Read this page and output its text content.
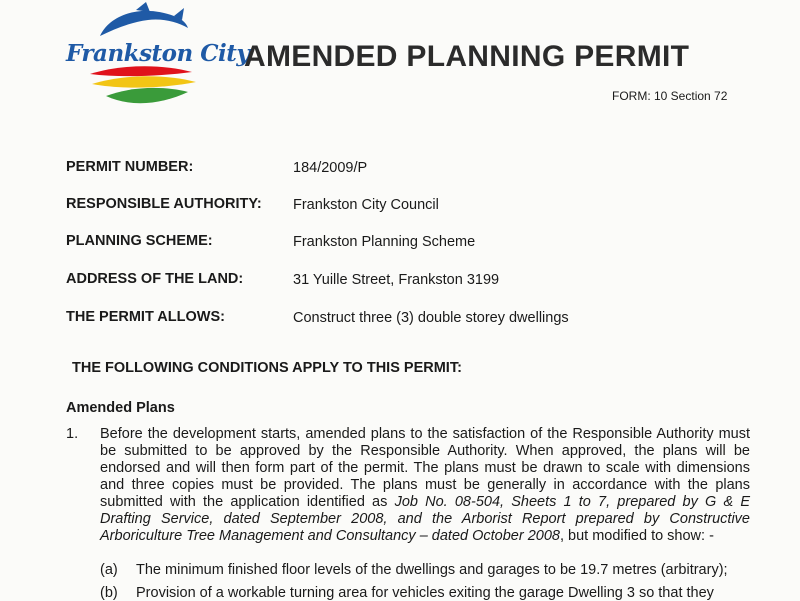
Frankston City
AMENDED PLANNING PERMIT
FORM: 10 Section 72
PERMIT NUMBER:	184/2009/P
RESPONSIBLE AUTHORITY: Frankston City Council
PLANNING SCHEME:	Frankston Planning Scheme
ADDRESS OF THE LAND:	31 Yuille Street, Frankston 3199
THE PERMIT ALLOWS:	Construct three (3) double storey dwellings
THE FOLLOWING CONDITIONS APPLY TO THIS PERMIT:
Amended Plans
1. Before the development starts, amended plans to the satisfaction of the Responsible Authority must be submitted to be approved by the Responsible Authority. When approved, the plans will be endorsed and will then form part of the permit. The plans must be drawn to scale with dimensions and three copies must be provided. The plans must be generally in accordance with the plans submitted with the application identified as Job No. 08-504, Sheets 1 to 7, prepared by G & E Drafting Service, dated September 2008, and the Arborist Report prepared by Constructive Arboriculture Tree Management and Consultancy – dated October 2008, but modified to show: -
(a) The minimum finished floor levels of the dwellings and garages to be 19.7 metres (arbitrary);
(b) Provision of a workable turning area for vehicles exiting the garage Dwelling 3 so that they
